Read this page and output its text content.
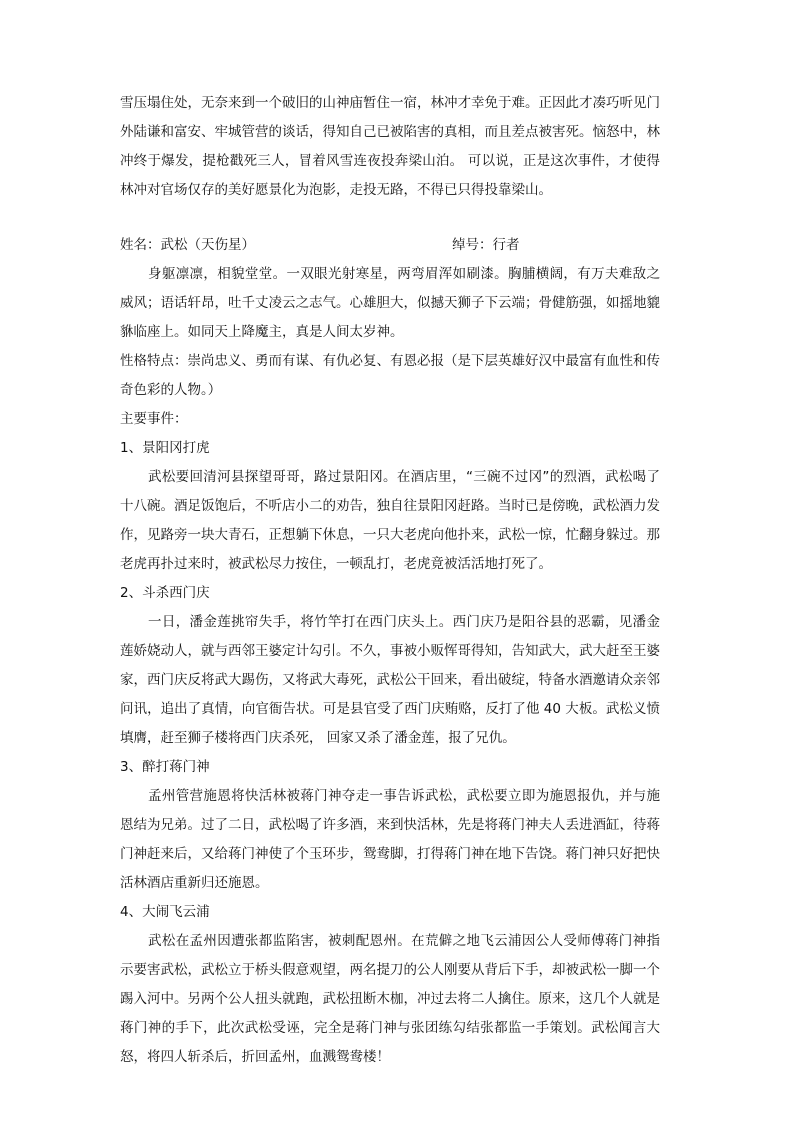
雪压塌住处，无奈来到一个破旧的山神庙暂住一宿，林冲才幸免于难。正因此才凑巧听见门外陆谦和富安、牢城管营的谈话，得知自己已被陷害的真相，而且差点被害死。恼怒中，林冲终于爆发，提枪戳死三人，冒着风雪连夜投奔梁山泊。 可以说，正是这次事件，才使得林冲对官场仅存的美好愿景化为泡影，走投无路，不得已只得投靠梁山。

姓名：武松（天伤星）	绰号：行者

身躯凛凛，相貌堂堂。一双眼光射寒星，两弯眉浑如刷漆。胸脯横阔，有万夫难敌之威风；语话轩昂，吐千丈凌云之志气。心雄胆大，似撼天狮子下云端；骨健筋强，如摇地貔貅临座上。如同天上降魔主，真是人间太岁神。

性格特点：崇尚忠义、勇而有谋、有仇必复、有恩必报（是下层英雄好汉中最富有血性和传奇色彩的人物。）

主要事件：

1、景阳冈打虎

武松要回清河县探望哥哥，路过景阳冈。在酒店里，“三碗不过冈”的烈酒，武松喝了十八碗。酒足饭饱后，不听店小二的劝告，独自往景阳冈赶路。当时已是傍晚，武松酒力发作，见路旁一块大青石，正想躺下休息，一只大老虎向他扑来，武松一惊，忙翻身躲过。那老虎再扑过来时，被武松尽力按住，一顿乱打，老虎竟被活活地打死了。

2、斗杀西门庆

一日，潘金莲挑帘失手，将竹竿打在西门庆头上。西门庆乃是阳谷县的恶霸，见潘金莲娇娆动人，就与西邻王婆定计勾引。不久，事被小贩恽哥得知，告知武大，武大赶至王婆家，西门庆反将武大踢伤，又将武大毒死，武松公干回来，看出破绽，特备水酒邀请众亲邻问讯，追出了真情，向官衙告状。可是县官受了西门庆贿赂，反打了他 40 大板。武松义愤填膺，赶至狮子楼将西门庆杀死， 回家又杀了潘金莲，报了兄仇。

3、醉打蒋门神

孟州管营施恩将快活林被蒋门神夺走一事告诉武松，武松要立即为施恩报仇，并与施恩结为兄弟。过了二日，武松喝了许多酒，来到快活林，先是将蒋门神夫人丢进酒缸，待蒋门神赶来后，又给蒋门神使了个玉环步，鸳鸯脚，打得蒋门神在地下告饶。蒋门神只好把快活林酒店重新归还施恩。

4、大闹飞云浦

武松在孟州因遭张都监陷害，被刺配恩州。在荒僻之地飞云浦因公人受师傅蒋门神指示要害武松，武松立于桥头假意观望，两名提刀的公人刚要从背后下手，却被武松一脚一个踢入河中。另两个公人扭头就跑，武松扭断木枷，冲过去将二人擒住。原来，这几个人就是蒋门神的手下，此次武松受诬，完全是蒋门神与张团练勾结张都监一手策划。武松闻言大怒，将四人斩杀后，折回孟州，血溅鸳鸯楼！
